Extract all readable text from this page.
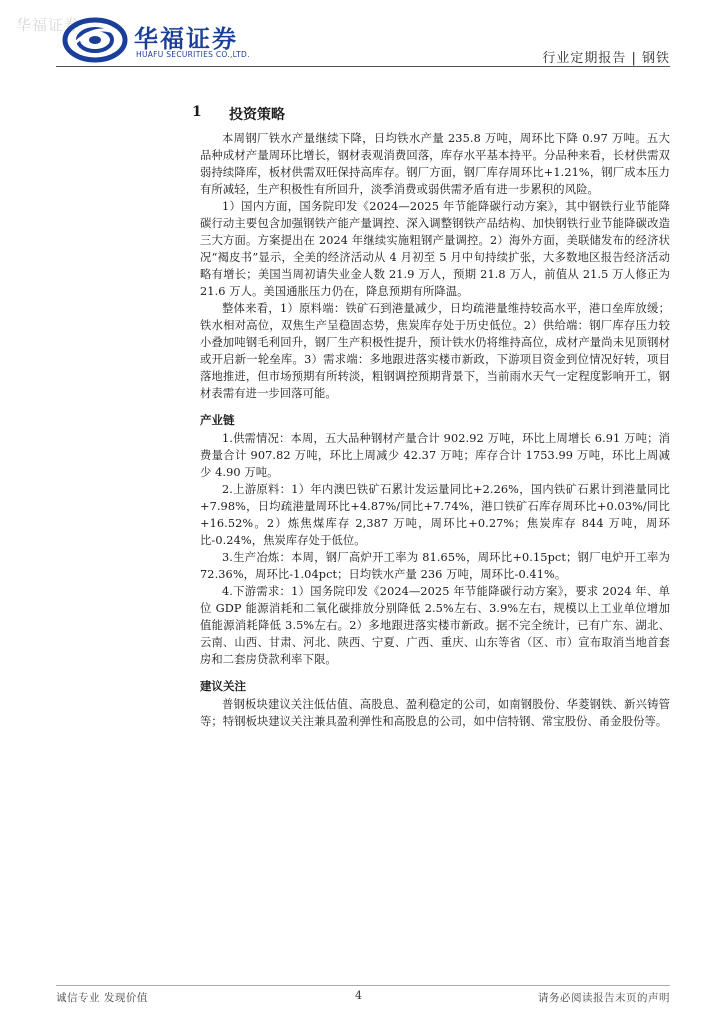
华福证券 华福证券
HUAFU SECURITIES CO.,LTD.	行业定期报告 | 钢铁
1 投资策略

本周钢厂铁水产量继续下降，日均铁水产量 235.8 万吨，周环比下降 0.97 万吨。五大品种成材产量周环比增长，钢材表观消费回落，库存水平基本持平。分品种来看，长材供需双弱持续降库，板材供需双旺保持高库存。钢厂方面，钢厂库存周环比+1.21%，钢厂成本压力有所减轻，生产积极性有所回升，淡季消费或弱供需矛盾有进一步累积的风险。

1）国内方面，国务院印发《2024—2025 年节能降碳行动方案》，其中钢铁行业节能降碳行动主要包含加强钢铁产能产量调控、深入调整钢铁产品结构、加快钢铁行业节能降碳改造三大方面。方案提出在 2024 年继续实施粗钢产量调控。2）海外方面，美联储发布的经济状况“褐皮书”显示，全美的经济活动从 4 月初至 5 月中旬持续扩张，大多数地区报告经济活动略有增长；美国当周初请失业金人数 21.9 万人，预期 21.8 万人，前值从 21.5 万人修正为 21.6 万人。美国通胀压力仍在，降息预期有所降温。

整体来看，1）原料端：铁矿石到港量减少，日均疏港量维持较高水平，港口垒库放缓；铁水相对高位，双焦生产呈稳固态势，焦炭库存处于历史低位。2）供给端：钢厂库存压力较小叠加吨钢毛利回升，钢厂生产积极性提升，预计铁水仍将维持高位，成材产量尚未见顶钢材或开启新一轮垒库。3）需求端：多地跟进落实楼市新政，下游项目资金到位情况好转，项目落地推进，但市场预期有所转淡，粗钢调控预期背景下，当前雨水天气一定程度影响开工，钢材表需有进一步回落可能。

产业链

1.供需情况：本周，五大品种钢材产量合计 902.92 万吨，环比上周增长 6.91 万吨；消费量合计 907.82 万吨，环比上周减少 42.37 万吨；库存合计 1753.99 万吨，环比上周减少 4.90 万吨。

2.上游原料：1）年内澳巴铁矿石累计发运量同比+2.26%，国内铁矿石累计到港量同比+7.98%，日均疏港量周环比+4.87%/同比+7.74%，港口铁矿石库存周环比+0.03%/同比+16.52%。2）炼焦煤库存 2,387 万吨，周环比+0.27%；焦炭库存 844 万吨，周环比-0.24%，焦炭库存处于低位。

3.生产冶炼：本周，钢厂高炉开工率为 81.65%，周环比+0.15pct；钢厂电炉开工率为 72.36%，周环比-1.04pct；日均铁水产量 236 万吨，周环比-0.41%。

4.下游需求：1）国务院印发《2024—2025 年节能降碳行动方案》，要求 2024 年、单位 GDP 能源消耗和二氧化碳排放分别降低 2.5%左右、3.9%左右，规模以上工业单位增加值能源消耗降低 3.5%左右。2）多地跟进落实楼市新政。据不完全统计，已有广东、湖北、云南、山西、甘肃、河北、陕西、宁夏、广西、重庆、山东等省（区、市）宣布取消当地首套房和二套房贷款利率下限。

建议关注

普钢板块建议关注低估值、高股息、盈利稳定的公司，如南钢股份、华菱钢铁、新兴铸管等；特钢板块建议关注兼具盈利弹性和高股息的公司，如中信特钢、常宝股份、甬金股份等。

诚信专业 发现价值	4	请务必阅读报告末页的声明
